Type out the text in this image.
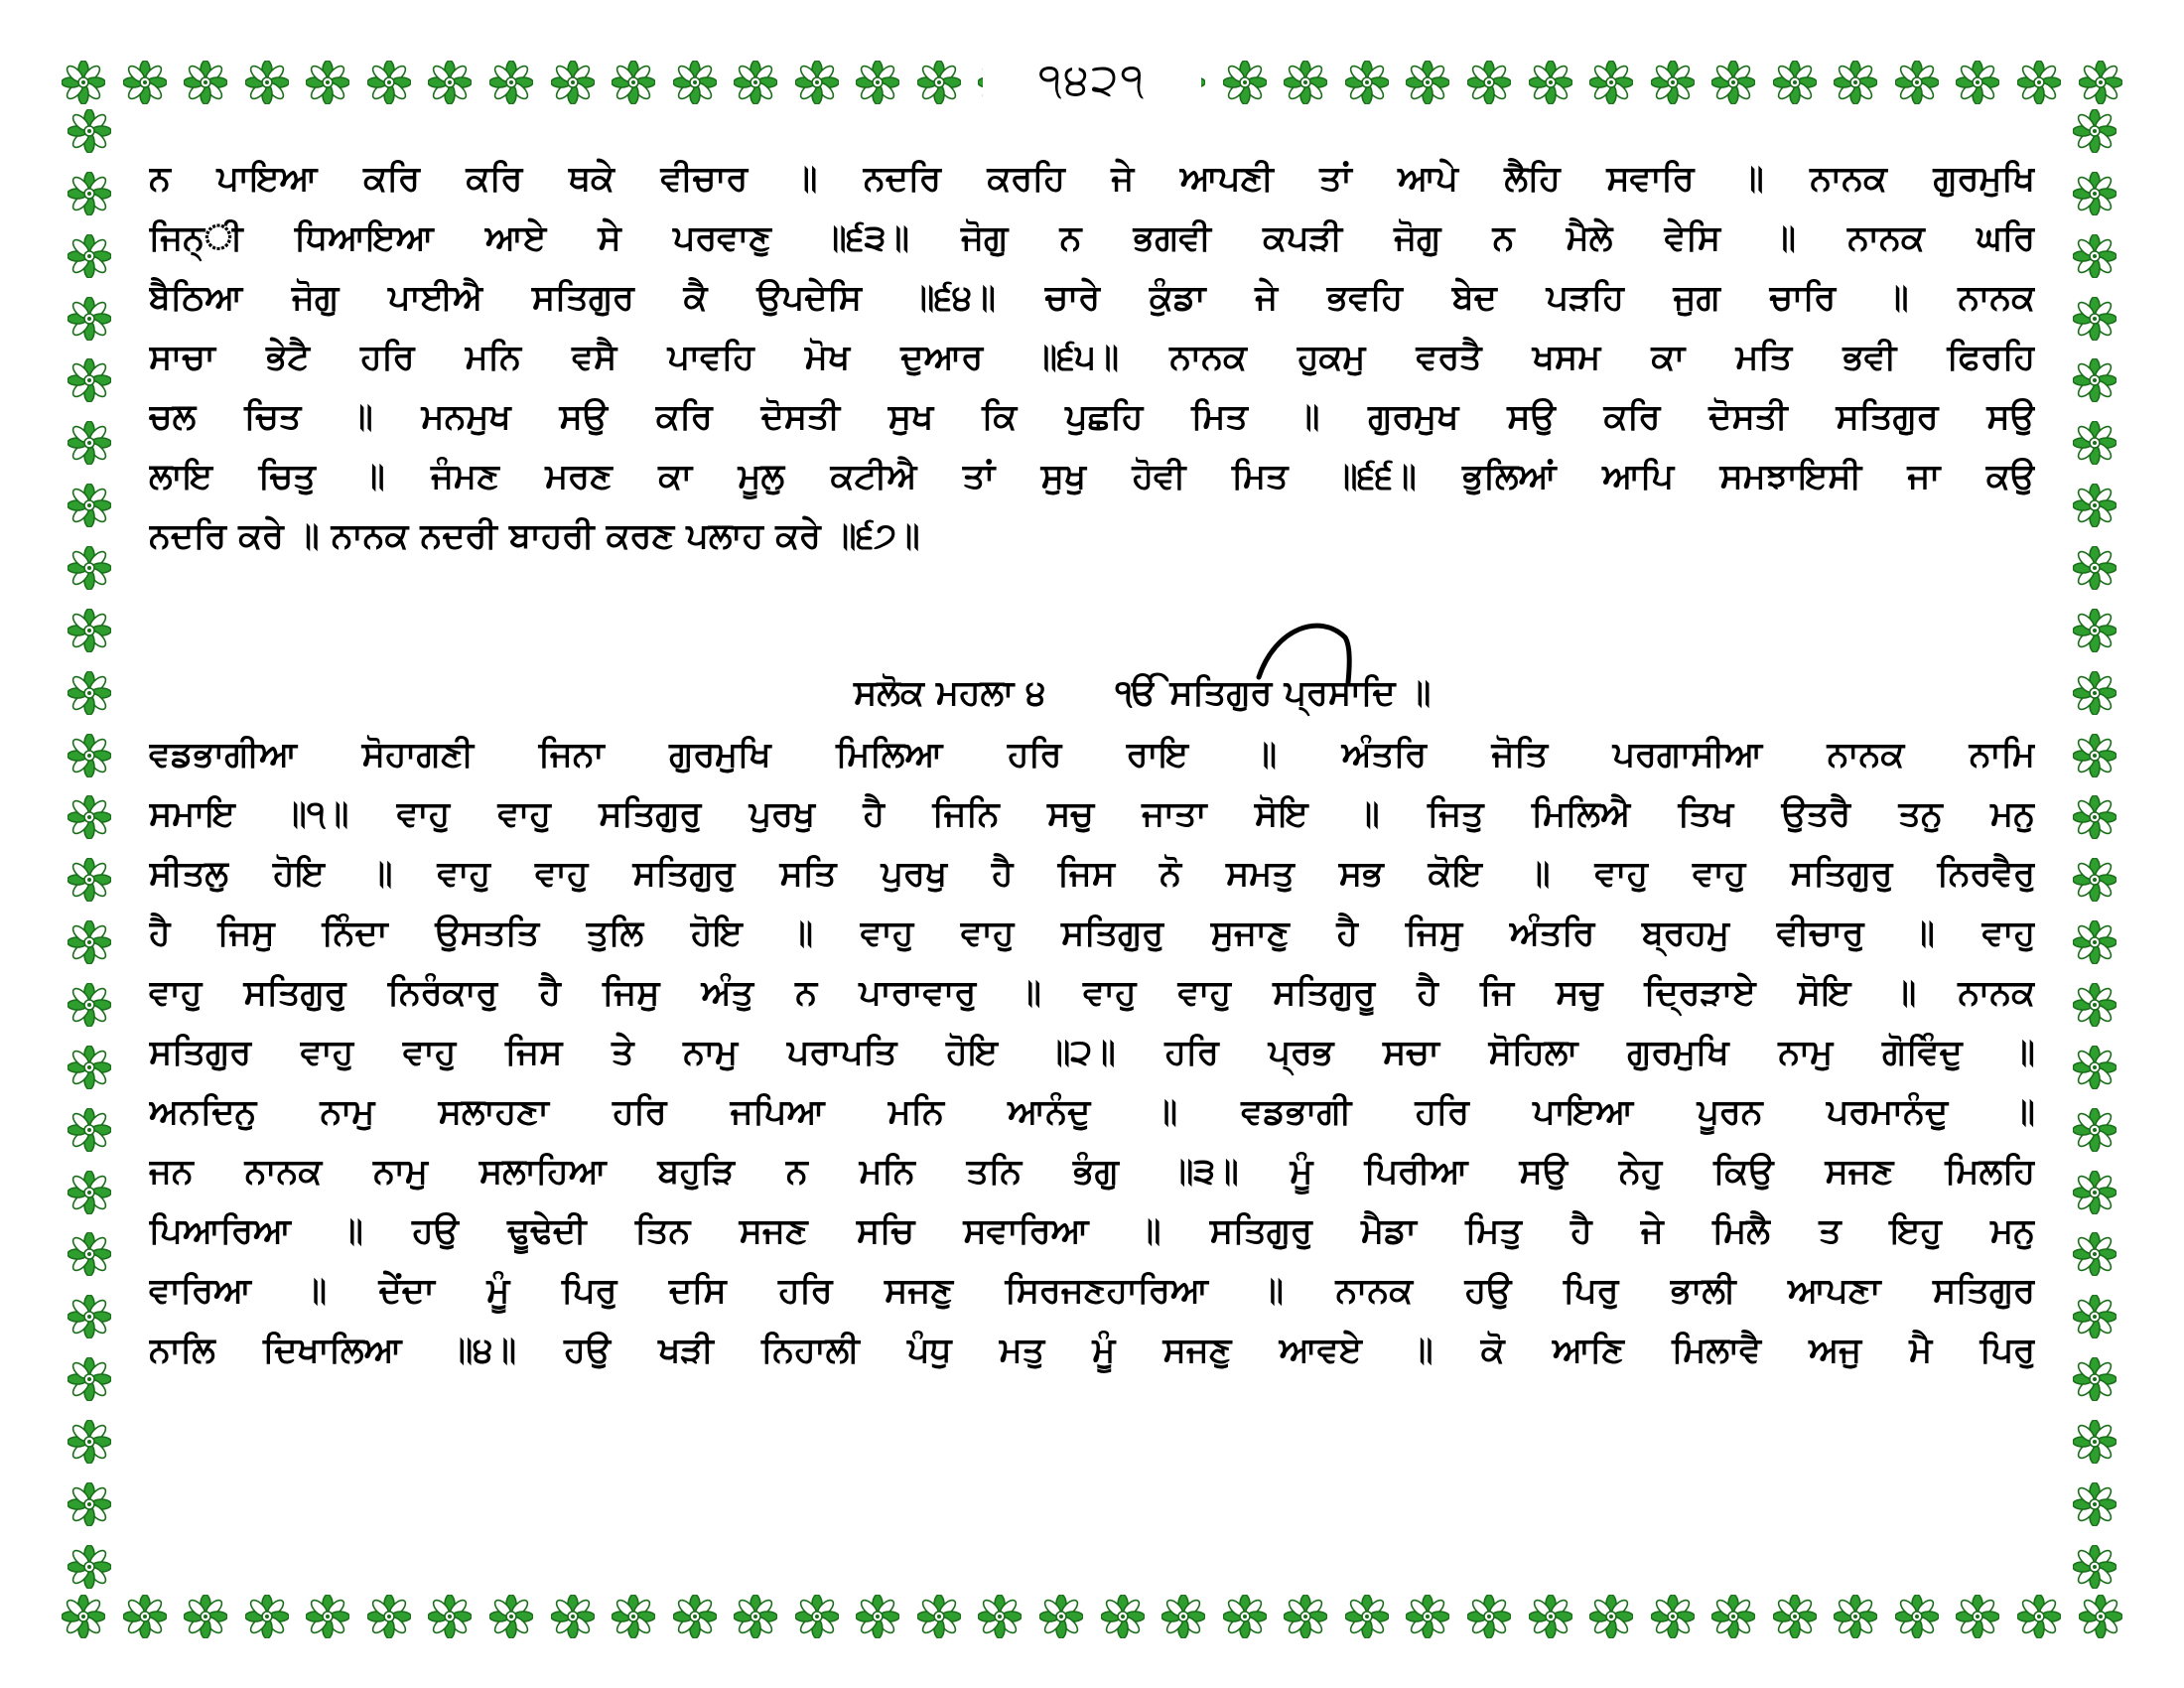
੧੪੨੧
ਨ ਪਾਇਆ ਕਰਿ ਕਰਿ ਥਕੇ ਵੀਚਾਰ ॥ ਨਦਰਿ ਕਰਹਿ ਜੇ ਆਪਣੀ ਤਾਂ ਆਪੇ ਲੈਹਿ ਸਵਾਰਿ ॥ ਨਾਨਕ ਗੁਰਮੁਖਿ
ਜਿਨ੍ੀ ਧਿਆਇਆ ਆਏ ਸੇ ਪਰਵਾਣੁ ॥੬੩॥ ਜੋਗੁ ਨ ਭਗਵੀ ਕਪੜੀ ਜੋਗੁ ਨ ਮੈਲੇ ਵੇਸਿ ॥ ਨਾਨਕ ਘਰਿ
ਬੈਠਿਆ ਜੋਗੁ ਪਾਈਐ ਸਤਿਗੁਰ ਕੈ ਉਪਦੇਸਿ ॥੬੪॥ ਚਾਰੇ ਕੁੰਡਾ ਜੇ ਭਵਹਿ ਬੇਦ ਪੜਹਿ ਜੁਗ ਚਾਰਿ ॥ ਨਾਨਕ
ਸਾਚਾ ਭੇਟੈ ਹਰਿ ਮਨਿ ਵਸੈ ਪਾਵਹਿ ਮੋਖ ਦੁਆਰ ॥੬੫॥ ਨਾਨਕ ਹੁਕਮੁ ਵਰਤੈ ਖਸਮ ਕਾ ਮਤਿ ਭਵੀ ਫਿਰਹਿ
ਚਲ ਚਿਤ ॥ ਮਨਮੁਖ ਸਉ ਕਰਿ ਦੋਸਤੀ ਸੁਖ ਕਿ ਪੁਛਹਿ ਮਿਤ ॥ ਗੁਰਮੁਖ ਸਉ ਕਰਿ ਦੋਸਤੀ ਸਤਿਗੁਰ ਸਉ
ਲਾਇ ਚਿਤੁ ॥ ਜੰਮਣ ਮਰਣ ਕਾ ਮੂਲੁ ਕਟੀਐ ਤਾਂ ਸੁਖੁ ਹੋਵੀ ਮਿਤ ॥੬੬॥ ਭੁਲਿਆਂ ਆਪਿ ਸਮਝਾਇਸੀ ਜਾ ਕਉ
ਨਦਰਿ ਕਰੇ ॥ ਨਾਨਕ ਨਦਰੀ ਬਾਹਰੀ ਕਰਣ ਪਲਾਹ ਕਰੇ ॥੬੭॥
ਸਲੋਕ ਮਹਲਾ ੪ ੴ ਸਤਿਗੁਰ ਪ੍ਰਸਾਦਿ ॥
ਵਡਭਾਗੀਆ ਸੋਹਾਗਣੀ ਜਿਨਾ ਗੁਰਮੁਖਿ ਮਿਲਿਆ ਹਰਿ ਰਾਇ ॥ ਅੰਤਰਿ ਜੋਤਿ ਪਰਗਾਸੀਆ ਨਾਨਕ ਨਾਮਿ
ਸਮਾਇ ॥੧॥ ਵਾਹੁ ਵਾਹੁ ਸਤਿਗੁਰੁ ਪੁਰਖੁ ਹੈ ਜਿਨਿ ਸਚੁ ਜਾਤਾ ਸੋਇ ॥ ਜਿਤੁ ਮਿਲਿਐ ਤਿਖ ਉਤਰੈ ਤਨੁ ਮਨੁ
ਸੀਤਲੁ ਹੋਇ ॥ ਵਾਹੁ ਵਾਹੁ ਸਤਿਗੁਰੁ ਸਤਿ ਪੁਰਖੁ ਹੈ ਜਿਸ ਨੋ ਸਮਤੁ ਸਭ ਕੋਇ ॥ ਵਾਹੁ ਵਾਹੁ ਸਤਿਗੁਰੁ ਨਿਰਵੈਰੁ
ਹੈ ਜਿਸੁ ਨਿੰਦਾ ਉਸਤਤਿ ਤੁਲਿ ਹੋਇ ॥ ਵਾਹੁ ਵਾਹੁ ਸਤਿਗੁਰੁ ਸੁਜਾਣੁ ਹੈ ਜਿਸੁ ਅੰਤਰਿ ਬ੍ਰਹਮੁ ਵੀਚਾਰੁ ॥ ਵਾਹੁ
ਵਾਹੁ ਸਤਿਗੁਰੁ ਨਿਰੰਕਾਰੁ ਹੈ ਜਿਸੁ ਅੰਤੁ ਨ ਪਾਰਾਵਾਰੁ ॥ ਵਾਹੁ ਵਾਹੁ ਸਤਿਗੁਰੂ ਹੈ ਜਿ ਸਚੁ ਦ੍ਰਿੜਾਏ ਸੋਇ ॥ ਨਾਨਕ
ਸਤਿਗੁਰ ਵਾਹੁ ਵਾਹੁ ਜਿਸ ਤੇ ਨਾਮੁ ਪਰਾਪਤਿ ਹੋਇ ॥੨॥ ਹਰਿ ਪ੍ਰਭ ਸਚਾ ਸੋਹਿਲਾ ਗੁਰਮੁਖਿ ਨਾਮੁ ਗੋਵਿੰਦੁ ॥
ਅਨਦਿਨੁ ਨਾਮੁ ਸਲਾਹਣਾ ਹਰਿ ਜਪਿਆ ਮਨਿ ਆਨੰਦੁ ॥ ਵਡਭਾਗੀ ਹਰਿ ਪਾਇਆ ਪੂਰਨ ਪਰਮਾਨੰਦੁ ॥
ਜਨ ਨਾਨਕ ਨਾਮੁ ਸਲਾਹਿਆ ਬਹੁੜਿ ਨ ਮਨਿ ਤਨਿ ਭੰਗੁ ॥੩॥ ਮੂੰ ਪਿਰੀਆ ਸਉ ਨੇਹੁ ਕਿਉ ਸਜਣ ਮਿਲਹਿ
ਪਿਆਰਿਆ ॥ ਹਉ ਢੂਢੇਦੀ ਤਿਨ ਸਜਣ ਸਚਿ ਸਵਾਰਿਆ ॥ ਸਤਿਗੁਰੁ ਮੈਡਾ ਮਿਤੁ ਹੈ ਜੇ ਮਿਲੈ ਤ ਇਹੁ ਮਨੁ
ਵਾਰਿਆ ॥ ਦੇਂਦਾ ਮੂੰ ਪਿਰੁ ਦਸਿ ਹਰਿ ਸਜਣੁ ਸਿਰਜਣਹਾਰਿਆ ॥ ਨਾਨਕ ਹਉ ਪਿਰੁ ਭਾਲੀ ਆਪਣਾ ਸਤਿਗੁਰ
ਨਾਲਿ ਦਿਖਾਲਿਆ ॥੪॥ ਹਉ ਖੜੀ ਨਿਹਾਲੀ ਪੰਧੁ ਮਤੁ ਮੂੰ ਸਜਣੁ ਆਵਏ ॥ ਕੋ ਆਣਿ ਮਿਲਾਵੈ ਅਜੁ ਮੈ ਪਿਰੁ
